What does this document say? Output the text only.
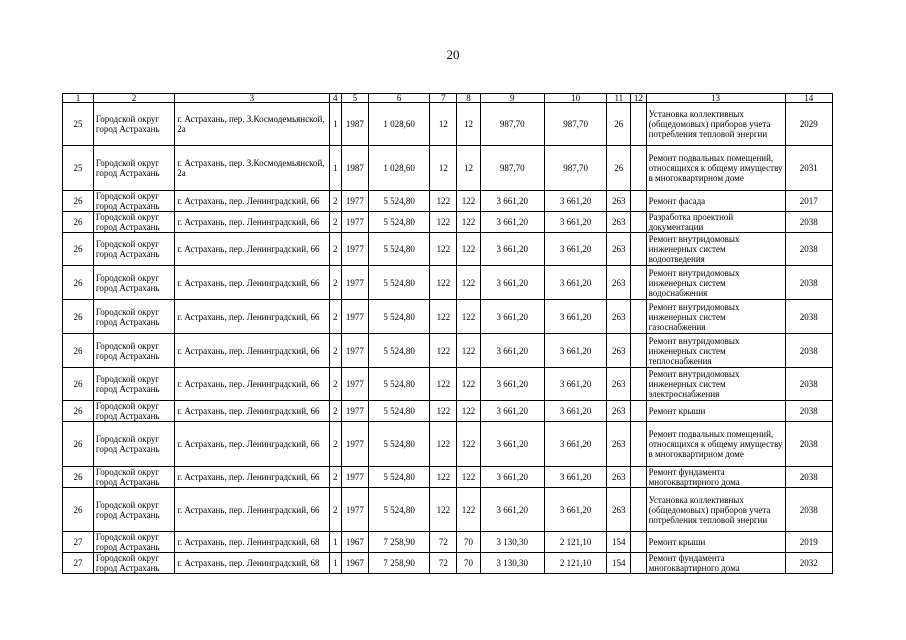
20
1	2	3	4	5	6	7	8	9	10	11	12	13	14
25	Городской округ город Астрахань	г. Астрахань, пер. З.Космодемьянской, 2а	1	1987	1 028,60	12	12	987,70	987,70	26		Установка коллективных (общедомовых) приборов учета потребления тепловой энергии	2029
25	Городской округ город Астрахань	г. Астрахань, пер. З.Космодемьянской, 2а	1	1987	1 028,60	12	12	987,70	987,70	26		Ремонт подвальных помещений, относящихся к общему имуществу в многоквартирном доме	2031
26	Городской округ город Астрахань	г. Астрахань, пер. Ленинградский, 66	2	1977	5 524,80	122	122	3 661,20	3 661,20	263		Ремонт фасада	2017
26	Городской округ город Астрахань	г. Астрахань, пер. Ленинградский, 66	2	1977	5 524,80	122	122	3 661,20	3 661,20	263		Разработка проектной документации	2038
26	Городской округ город Астрахань	г. Астрахань, пер. Ленинградский, 66	2	1977	5 524,80	122	122	3 661,20	3 661,20	263		Ремонт внутридомовых инженерных систем водоотведения	2038
26	Городской округ город Астрахань	г. Астрахань, пер. Ленинградский, 66	2	1977	5 524,80	122	122	3 661,20	3 661,20	263		Ремонт внутридомовых инженерных систем водоснабжения	2038
26	Городской округ город Астрахань	г. Астрахань, пер. Ленинградский, 66	2	1977	5 524,80	122	122	3 661,20	3 661,20	263		Ремонт внутридомовых инженерных систем газоснабжения	2038
26	Городской округ город Астрахань	г. Астрахань, пер. Ленинградский, 66	2	1977	5 524,80	122	122	3 661,20	3 661,20	263		Ремонт внутридомовых инженерных систем теплоснабжения	2038
26	Городской округ город Астрахань	г. Астрахань, пер. Ленинградский, 66	2	1977	5 524,80	122	122	3 661,20	3 661,20	263		Ремонт внутридомовых инженерных систем электроснабжения	2038
26	Городской округ город Астрахань	г. Астрахань, пер. Ленинградский, 66	2	1977	5 524,80	122	122	3 661,20	3 661,20	263		Ремонт крыши	2038
26	Городской округ город Астрахань	г. Астрахань, пер. Ленинградский, 66	2	1977	5 524,80	122	122	3 661,20	3 661,20	263		Ремонт подвальных помещений, относящихся к общему имуществу в многоквартирном доме	2038
26	Городской округ город Астрахань	г. Астрахань, пер. Ленинградский, 66	2	1977	5 524,80	122	122	3 661,20	3 661,20	263		Ремонт фундамента многоквартирного дома	2038
26	Городской округ город Астрахань	г. Астрахань, пер. Ленинградский, 66	2	1977	5 524,80	122	122	3 661,20	3 661,20	263		Установка коллективных (общедомовых) приборов учета потребления тепловой энергии	2038
27	Городской округ город Астрахань	г. Астрахань, пер. Ленинградский, 68	1	1967	7 258,90	72	70	3 130,30	2 121,10	154		Ремонт крыши	2019
27	Городской округ город Астрахань	г. Астрахань, пер. Ленинградский, 68	1	1967	7 258,90	72	70	3 130,30	2 121,10	154		Ремонт фундамента многоквартирного дома	2032
